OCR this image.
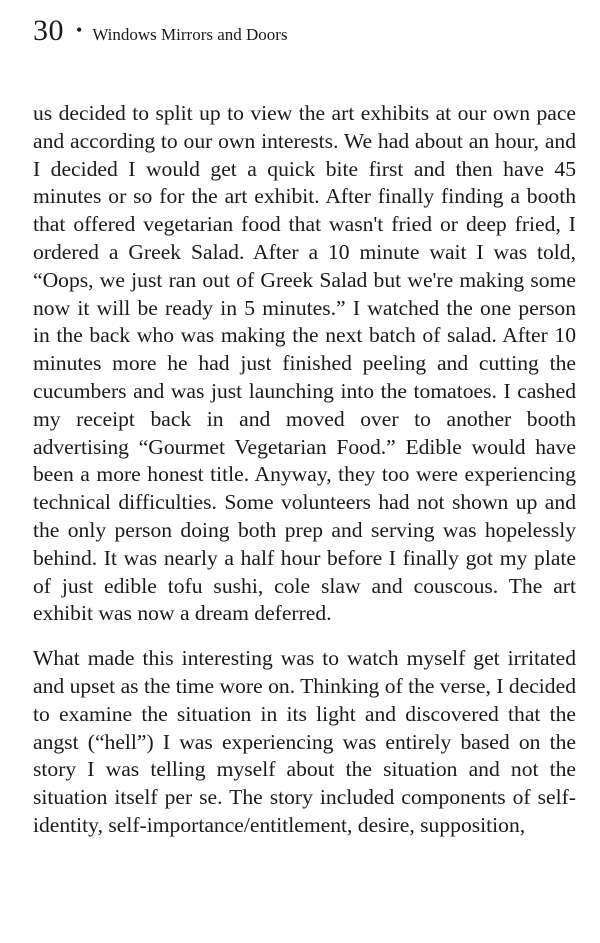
30 • Windows Mirrors and Doors

us decided to split up to view the art exhibits at our own pace and according to our own interests. We had about an hour, and I decided I would get a quick bite first and then have 45 minutes or so for the art exhibit. After finally finding a booth that offered vegetarian food that wasn't fried or deep fried, I ordered a Greek Salad. After a 10 minute wait I was told, “Oops, we just ran out of Greek Salad but we're making some now it will be ready in 5 minutes.” I watched the one person in the back who was making the next batch of salad. After 10 minutes more he had just finished peeling and cutting the cucumbers and was just launching into the tomatoes. I cashed my receipt back in and moved over to another booth advertising “Gourmet Vegetarian Food.” Edible would have been a more honest title. Anyway, they too were experiencing technical difficulties. Some volunteers had not shown up and the only person doing both prep and serving was hopelessly behind. It was nearly a half hour before I finally got my plate of just edible tofu sushi, cole slaw and couscous. The art exhibit was now a dream deferred.

What made this interesting was to watch myself get irritated and upset as the time wore on. Thinking of the verse, I decided to examine the situation in its light and discovered that the angst (“hell”) I was experiencing was entirely based on the story I was telling myself about the situation and not the situation itself per se. The story included components of self-identity, self-importance/entitlement, desire, supposition,
